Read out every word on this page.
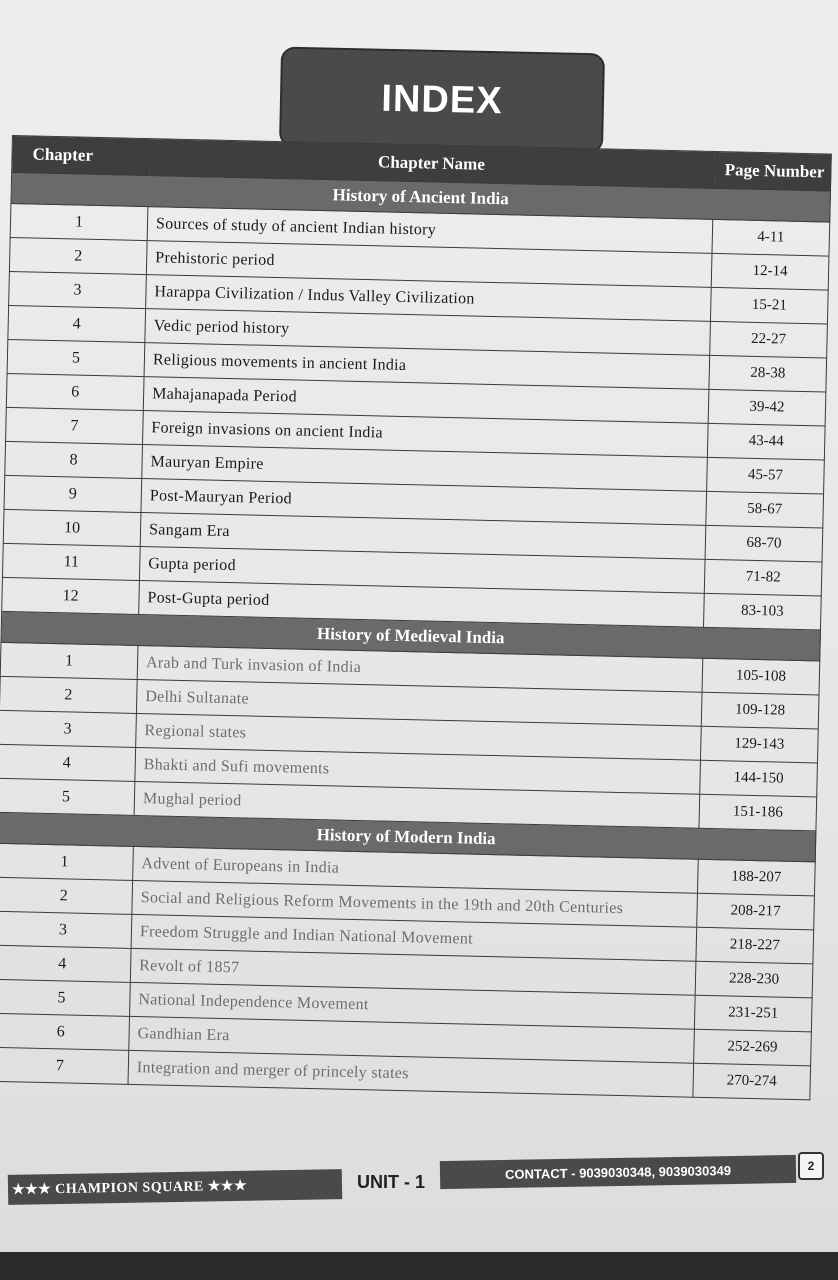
INDEX
Chapter	Chapter Name	Page Number
History of Ancient India		
1	Sources of study of ancient Indian history	4-11
2	Prehistoric period	12-14
3	Harappa Civilization / Indus Valley Civilization	15-21
4	Vedic period history	22-27
5	Religious movements in ancient India	28-38
6	Mahajanapada Period	39-42
7	Foreign invasions on ancient India	43-44
8	Mauryan Empire	45-57
9	Post-Mauryan Period	58-67
10	Sangam Era	68-70
11	Gupta period	71-82
12	Post-Gupta period	83-103
History of Medieval India		
1	Arab and Turk invasion of India	105-108
2	Delhi Sultanate	109-128
3	Regional states	129-143
4	Bhakti and Sufi movements	144-150
5	Mughal period	151-186
History of Modern India		
1	Advent of Europeans in India	188-207
2	Social and Religious Reform Movements in the 19th and 20th Centuries	208-217
3	Freedom Struggle and Indian National Movement	218-227
4	Revolt of 1857	228-230
5	National Independence Movement	231-251
6	Gandhian Era	252-269
7	Integration and merger of princely states	270-274
★★★ CHAMPION SQUARE ★★★	UNIT - 1	CONTACT - 9039030348, 9039030349	2
